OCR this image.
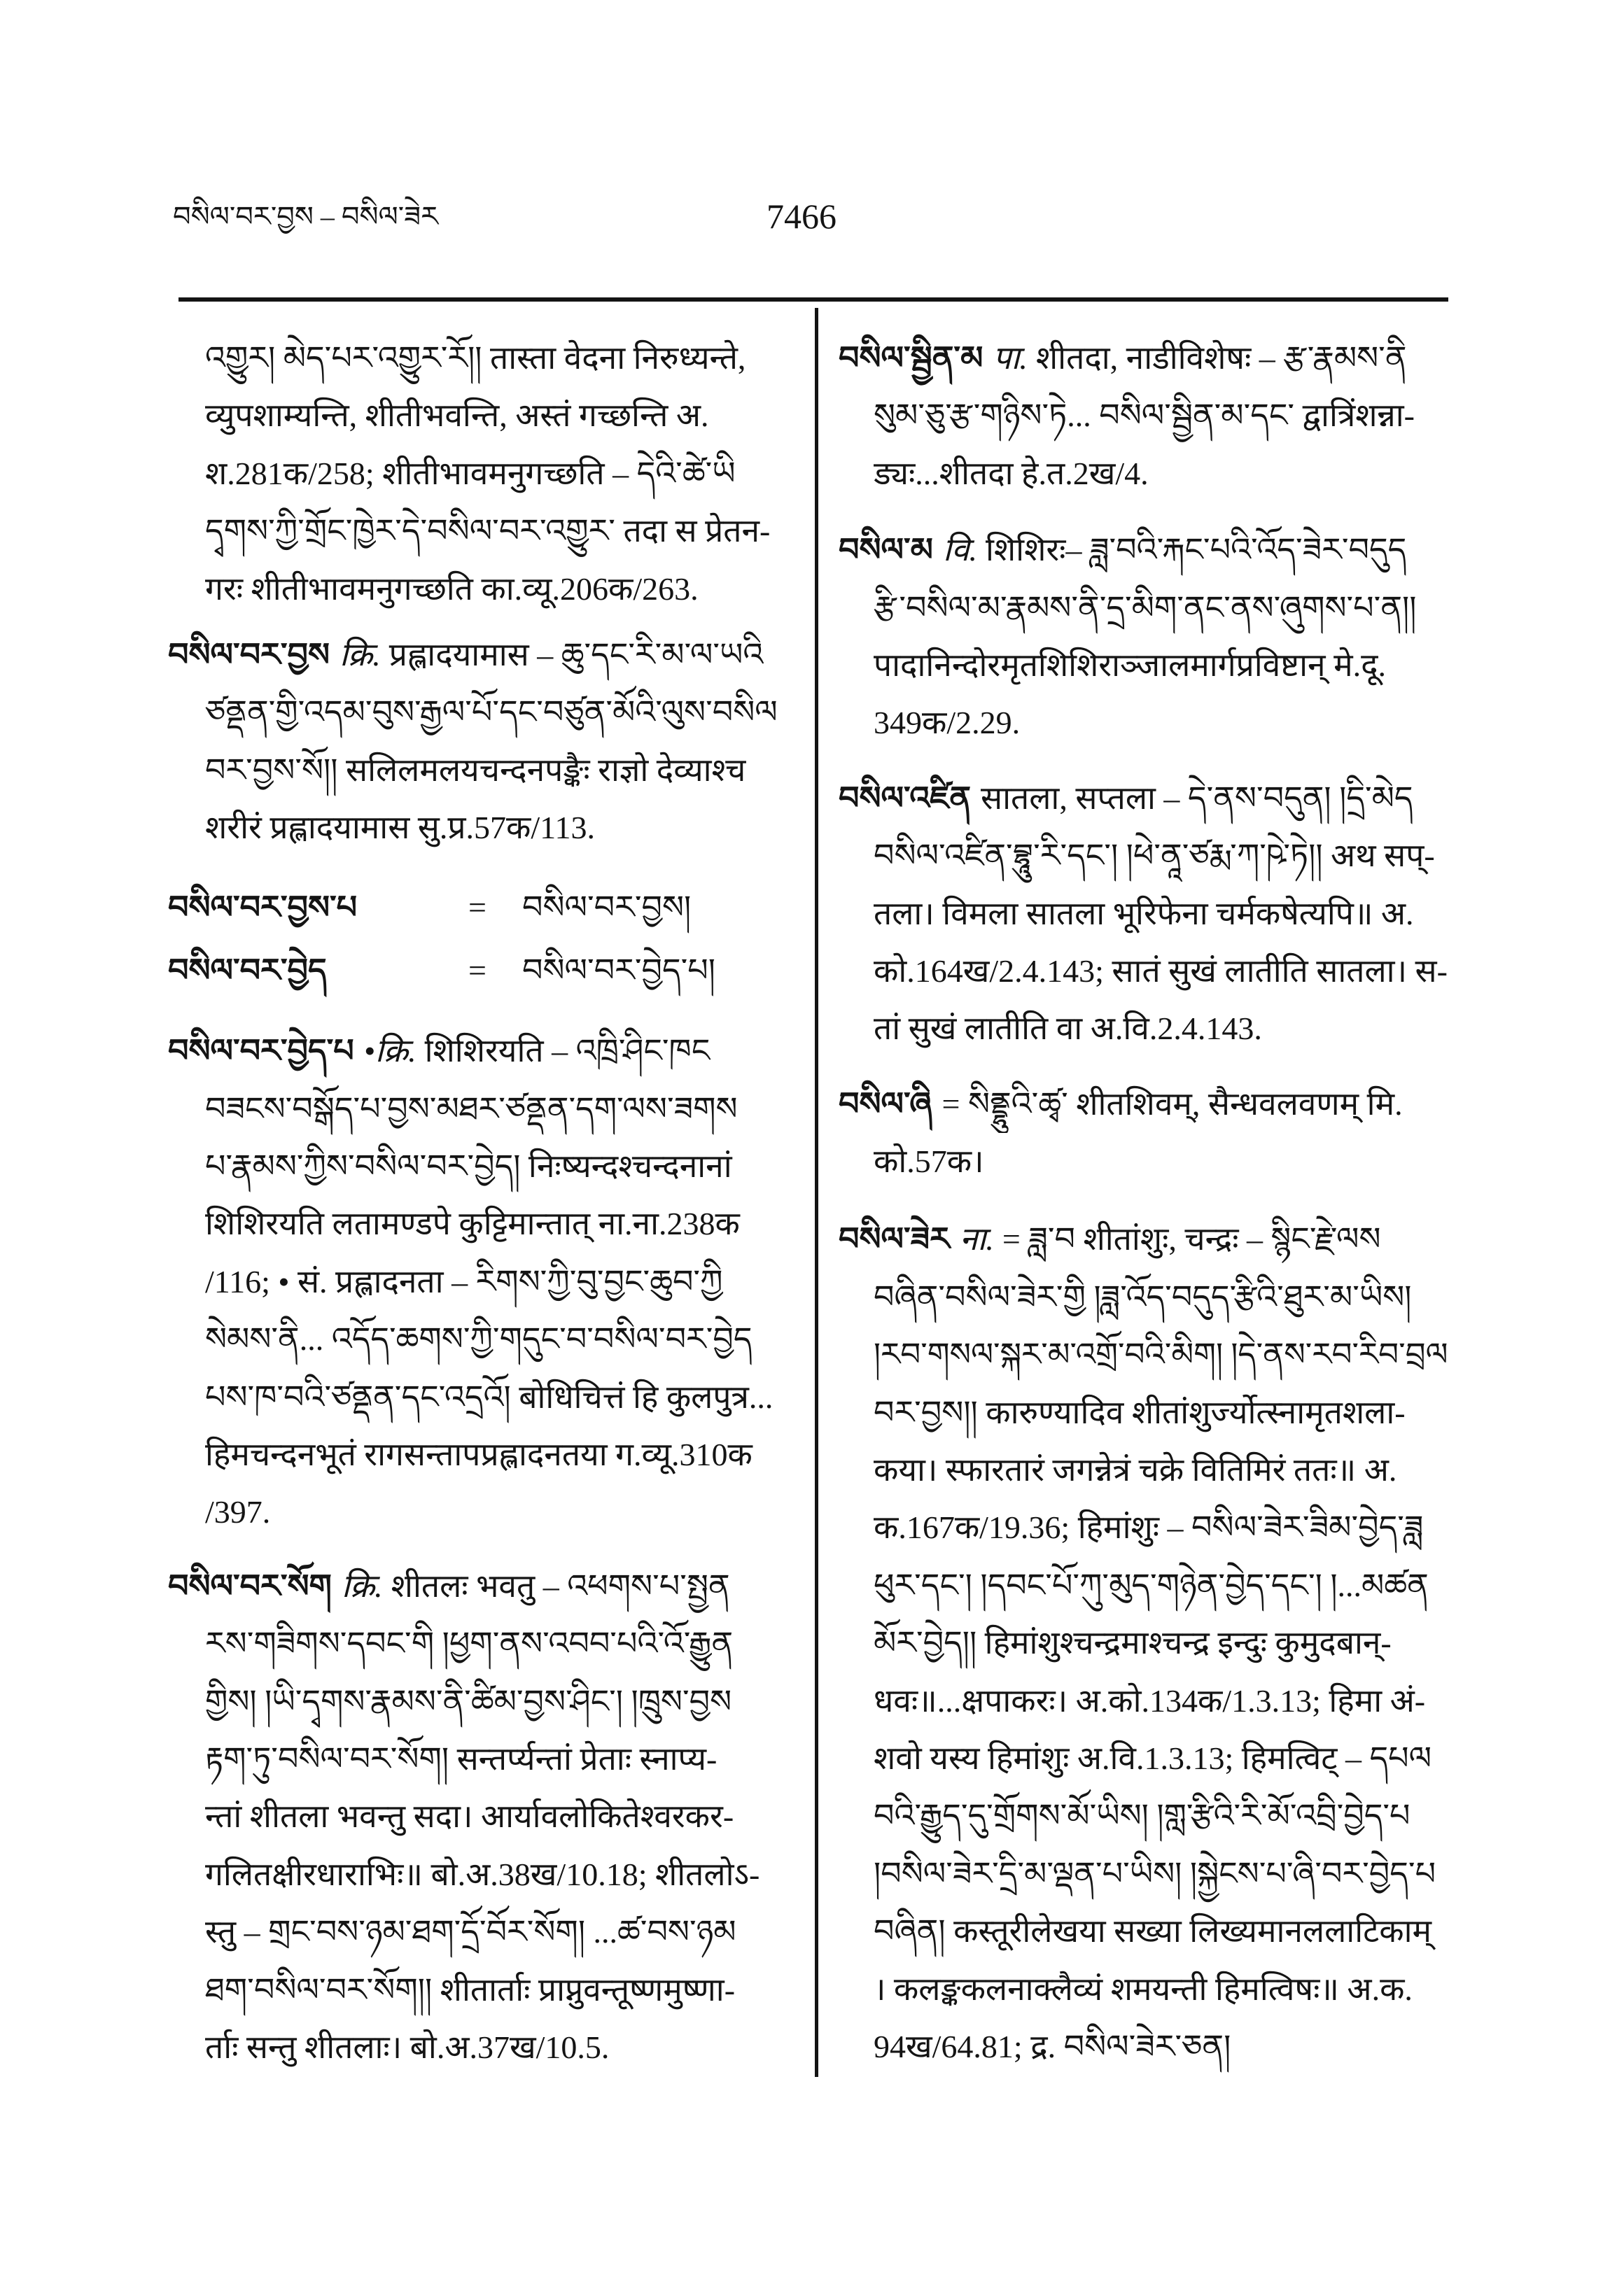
བསིལ་བར་བྱས – བསིལ་ཟེར	7466
འགྱུར། མེད་པར་འགྱུར་རོ།། तास्ता वेदना निरुध्यन्ते,
व्युपशाम्यन्ति, शीतीभवन्ति, अस्तं गच्छन्ति अ.
श.281क/258; शीतीभावमनुगच्छति – དེའི་ཚེ་ཡི
དྭགས་ཀྱི་གྲོང་ཁྱེར་དེ་བསིལ་བར་འགྱུར་ तदा स प्रेतन-
गरः शीतीभावमनुगच्छति का.व्यू.206क/263.
བསིལ་བར་བྱས क्रि. प्रह्लादयामास – ཆུ་དང་རི་མ་ལ་ཡའི
ཙནྡན་གྱི་འདམ་བུས་རྒྱལ་པོ་དང་བཙུན་མོའི་ལུས་བསིལ
བར་བྱས་སོ།། सलिलमलयचन्दनपङ्कैः राज्ञो देव्याश्च
शरीरं प्रह्लादयामास सु.प्र.57क/113.
བསིལ་བར་བྱས་པ	= བསིལ་བར་བྱས།
བསིལ་བར་བྱེད	= བསིལ་བར་བྱེད་པ།
བསིལ་བར་བྱེད་པ •क्रि. शिशिरयति – འཁྲི་ཤིང་ཁང
བཟངས་བསྒོད་པ་བྱས་མཐར་ཙནྡན་དག་ལས་ཟགས
པ་རྣམས་ཀྱིས་བསིལ་བར་བྱེད། निःष्यन्दश्चन्दनानां
शिशिरयति लतामण्डपे कुट्टिमान्तात् ना.ना.238क
/116; • सं. प्रह्लादनता – རིགས་ཀྱི་བུ་བྱང་ཆུབ་ཀྱི
སེམས་ནི... འདོད་ཆགས་ཀྱི་གདུང་བ་བསིལ་བར་བྱེད
པས་ཁ་བའི་ཙནྡན་དང་འདྲའོ། बोधिचित्तं हि कुलपुत्र...
हिमचन्दनभूतं रागसन्तापप्रह्लादनतया ग.व्यू.310क
/397.
བསིལ་བར་སོག क्रि. शीतलः भवतु – འཕགས་པ་སྤྱན
རས་གཟིགས་དབང་གི །ཕྱག་ནས་འབབ་པའི་འོ་རྒྱུན
གྱིས། །ཡི་དྭགས་རྣམས་ནི་ཚིམ་བྱས་ཤིང་། །ཁྲུས་བྱས
རྟག་ཏུ་བསིལ་བར་སོག། सन्तर्प्यन्तां प्रेताः स्नाप्य-
न्तां शीतला भवन्तु सदा। आर्यावलोकितेश्वरकर-
गलितक्षीरधाराभिः॥ बो.अ.38ख/10.18; शीतलोऽ-
स्तु – གྲང་བས་ཉམ་ཐག་དྲོ་བོར་སོག། ...ཚ་བས་ཉམ
ཐག་བསིལ་བར་སོག།། शीतार्ताः प्राप्नुवन्तूष्णमुष्णा-
र्ताः सन्तु शीतलाः। बो.अ.37ख/10.5.
བསིལ་སྦྱིན་མ पा. शीतदा, नाडीविशेषः – རྩ་རྣམས་ནི
སུམ་ཅུ་རྩ་གཉིས་ཏེ... བསིལ་སྦྱིན་མ་དང་ द्वात्रिंशन्ना-
ड्यः...शीतदा हे.त.2ख/4.
བསིལ་མ वि. शिशिरः– ཟླ་བའི་རྐང་པའི་འོད་ཟེར་བདུད
རྩི་བསིལ་མ་རྣམས་ནི་དྲ་མིག་ནང་ནས་ཞུགས་པ་ན།།
पादानिन्दोरमृतशिशिराञ्जालमार्गप्रविष्टान् मे.दू.
349क/2.29.
བསིལ་འཛིན सातला, सप्तला – དེ་ནས་བདུན། །དྲི་མེད
བསིལ་འཛིན་བྷཱུ་རི་དང་། །ཕེ་ནཱ་ཙརྨ་ཀ་ཥེ་ཏེ།། अथ सप्-
तला। विमला सातला भूरिफेना चर्मकषेत्यपि॥ अ.
को.164ख/2.4.143; सातं सुखं लातीति सातला। स-
तां सुखं लातीति वा अ.वि.2.4.143.
བསིལ་ཞི = སིནྡྷུའི་ཚྭ་ शीतशिवम्, सैन्धवलवणम् मि.
को.57क।
བསིལ་ཟེར ना. = ཟླ་བ शीतांशुः, चन्द्रः – སྙིང་རྗེ་ལས
བཞིན་བསིལ་ཟེར་གྱི །ཟླ་འོད་བདུད་རྩིའི་ཐུར་མ་ཡིས།
།རབ་གསལ་སྐར་མ་འགྲོ་བའི་མིག། །དེ་ནས་རབ་རིབ་བྲལ
བར་བྱས།། कारुण्यादिव शीतांशुर्ज्योत्स्नामृतशला-
कया। स्फारतारं जगन्नेत्रं चक्रे वितिमिरं ततः॥ अ.
क.167क/19.36; हिमांशुः – བསིལ་ཟེར་ཟིམ་བྱེད་ཟླ
ཕུར་དང་། །དབང་པོ་ཀུ་མུད་གཉེན་བྱེད་དང་། །...མཚན
མོར་བྱེད།། हिमांशुश्चन्द्रमाश्चन्द्र इन्दुः कुमुदबान्-
धवः॥...क्षपाकरः। अ.को.134क/1.3.13; हिमा अं-
शवो यस्य हिमांशुः अ.वि.1.3.13; हिमत्विट् – དཔལ
བའི་རྒྱུད་དུ་གྲོགས་མོ་ཡིས། །གླ་རྩིའི་རི་མོ་འབྲི་བྱེད་པ
།བསིལ་ཟེར་དྲི་མ་ལྡན་པ་ཡིས། །སྐྱེངས་པ་ཞི་བར་བྱེད་པ
བཞིན། कस्तूरीलेखया सख्या लिख्यमानललाटिकाम्
। कलङ्ककलनाक्लैव्यं शमयन्ती हिमत्विषः॥ अ.क.
94ख/64.81; द्र. བསིལ་ཟེར་ཅན།
